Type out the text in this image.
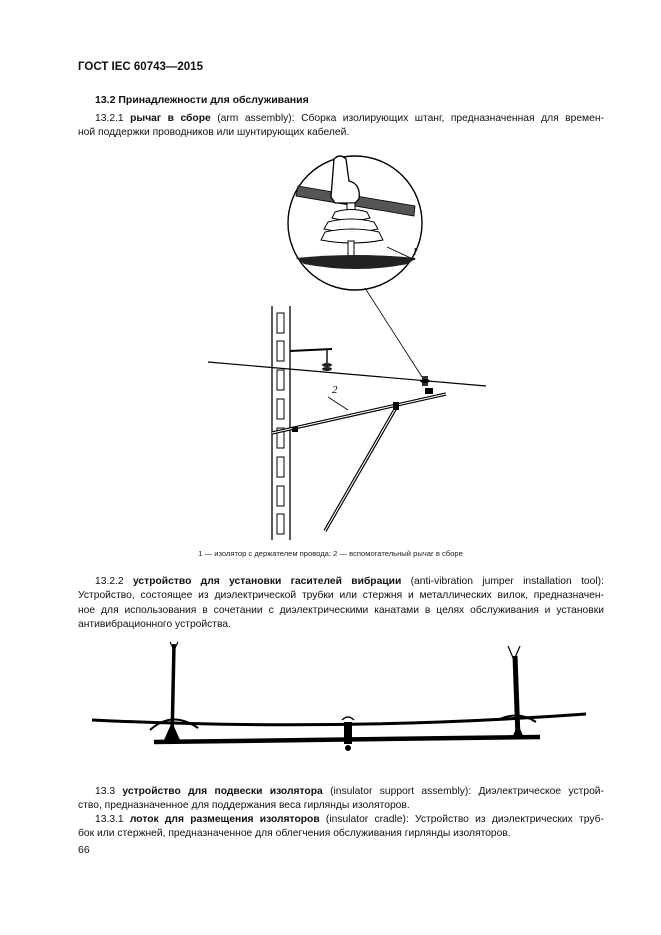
ГОСТ IEC 60743—2015
13.2 Принадлежности для обслуживания
13.2.1 рычаг в сборе (arm assembly): Сборка изолирующих штанг, предназначенная для времен-
ной поддержки проводников или шунтирующих кабелей.
1
2
1 — изолятор с держателем провода; 2 — вспомогательный рычаг в сборе
13.2.2 устройство для установки гасителей вибрации (anti-vibration jumper installation tool):
Устройство, состоящее из диэлектрической трубки или стержня и металлических вилок, предназначен-
ное для использования в сочетании с диэлектрическими канатами в целях обслуживания и установки
антивибрационного устройства.
13.3 устройство для подвески изолятора (insulator support assembly): Диэлектрическое устрой-
ство, предназначенное для поддержания веса гирлянды изоляторов.
13.3.1 лоток для размещения изоляторов (insulator cradle): Устройство из диэлектрических труб-
бок или стержней, предназначенное для облегчения обслуживания гирлянды изоляторов.
66
